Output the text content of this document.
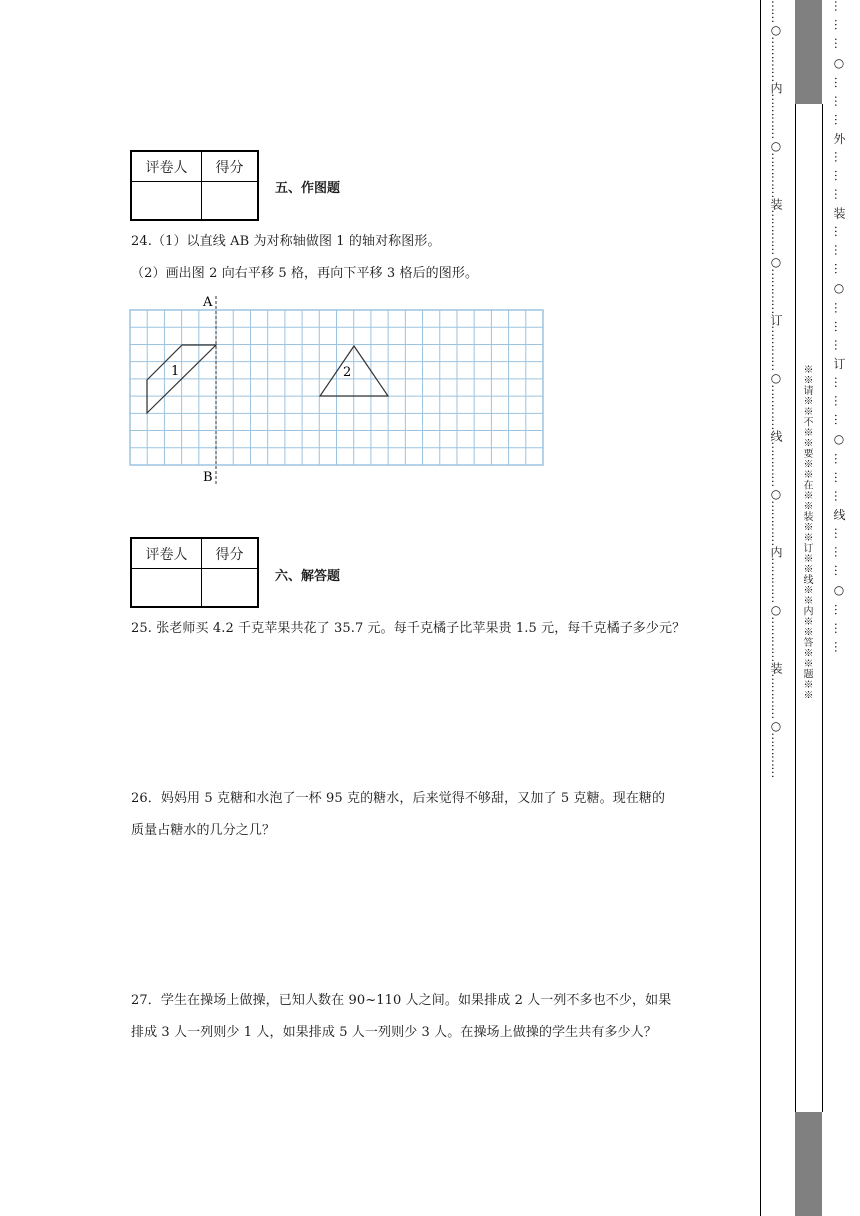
评卷人	得分

五、作图题
24.（1）以直线 AB 为对称轴做图 1 的轴对称图形。
（2）画出图 2 向右平移 5 格，再向下平移 3 格后的图形。
A
B
1	2
评卷人	得分

六、解答题
25. 张老师买 4.2 千克苹果共花了 35.7 元。每千克橘子比苹果贵 1.5 元，每千克橘子多少元？
26．妈妈用 5 克糖和水泡了一杯 95 克的糖水，后来觉得不够甜，又加了 5 克糖。现在糖的
质量占糖水的几分之几？
27．学生在操场上做操，已知人数在 90~110 人之间。如果排成 2 人一列不多也不少，如果
排成 3 人一列则少 1 人，如果排成 5 人一列则少 3 人。在操场上做操的学生共有多少人？
……○…………内…………○…………装…………○…………订…………○…………线…………○…………内…………○…………装…………○………… ※※请※※不※※要※※在※※装※※订※※线※※内※※答※※题※※ … … … ○ … … … 外 … … … 装 … … … ○ … … … 订 … … … ○ … … … 线 … … … ○ … … …
